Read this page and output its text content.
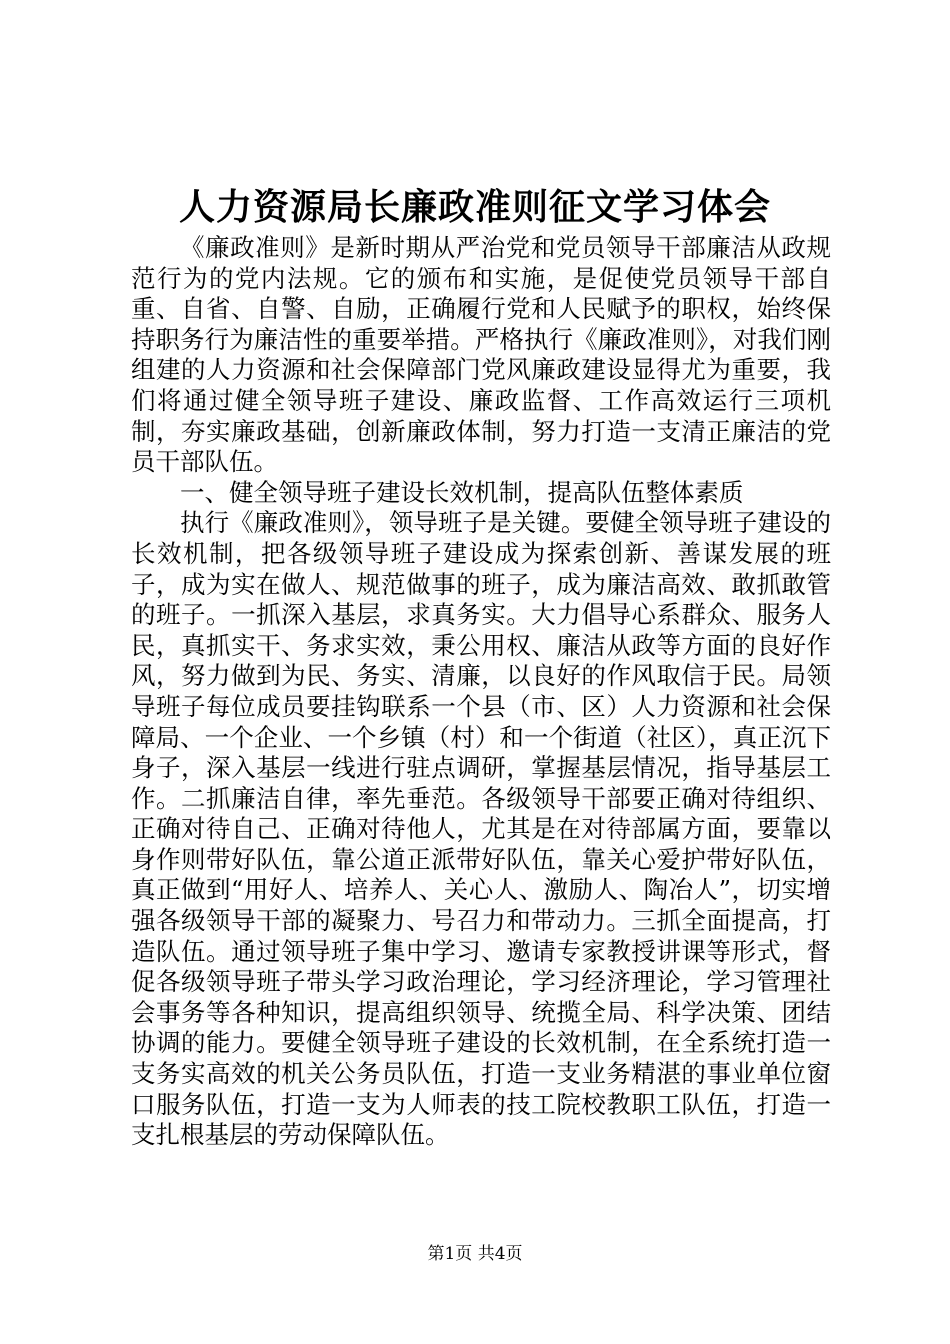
人力资源局长廉政准则征文学习体会

《廉政准则》是新时期从严治党和党员领导干部廉洁从政规范行为的党内法规。它的颁布和实施，是促使党员领导干部自重、自省、自警、自励，正确履行党和人民赋予的职权，始终保持职务行为廉洁性的重要举措。严格执行《廉政准则》，对我们刚组建的人力资源和社会保障部门党风廉政建设显得尤为重要，我们将通过健全领导班子建设、廉政监督、工作高效运行三项机制，夯实廉政基础，创新廉政体制，努力打造一支清正廉洁的党员干部队伍。

一、健全领导班子建设长效机制，提高队伍整体素质

执行《廉政准则》，领导班子是关键。要健全领导班子建设的长效机制，把各级领导班子建设成为探索创新、善谋发展的班子，成为实在做人、规范做事的班子，成为廉洁高效、敢抓敢管的班子。一抓深入基层，求真务实。大力倡导心系群众、服务人民，真抓实干、务求实效，秉公用权、廉洁从政等方面的良好作风，努力做到为民、务实、清廉，以良好的作风取信于民。局领导班子每位成员要挂钩联系一个县（市、区）人力资源和社会保障局、一个企业、一个乡镇（村）和一个街道（社区），真正沉下身子，深入基层一线进行驻点调研，掌握基层情况，指导基层工作。二抓廉洁自律，率先垂范。各级领导干部要正确对待组织、正确对待自己、正确对待他人，尤其是在对待部属方面，要靠以身作则带好队伍，靠公道正派带好队伍，靠关心爱护带好队伍，真正做到“用好人、培养人、关心人、激励人、陶冶人”，切实增强各级领导干部的凝聚力、号召力和带动力。三抓全面提高，打造队伍。通过领导班子集中学习、邀请专家教授讲课等形式，督促各级领导班子带头学习政治理论，学习经济理论，学习管理社会事务等各种知识，提高组织领导、统揽全局、科学决策、团结协调的能力。要健全领导班子建设的长效机制，在全系统打造一支务实高效的机关公务员队伍，打造一支业务精湛的事业单位窗口服务队伍，打造一支为人师表的技工院校教职工队伍，打造一支扎根基层的劳动保障队伍。

第1页 共4页
